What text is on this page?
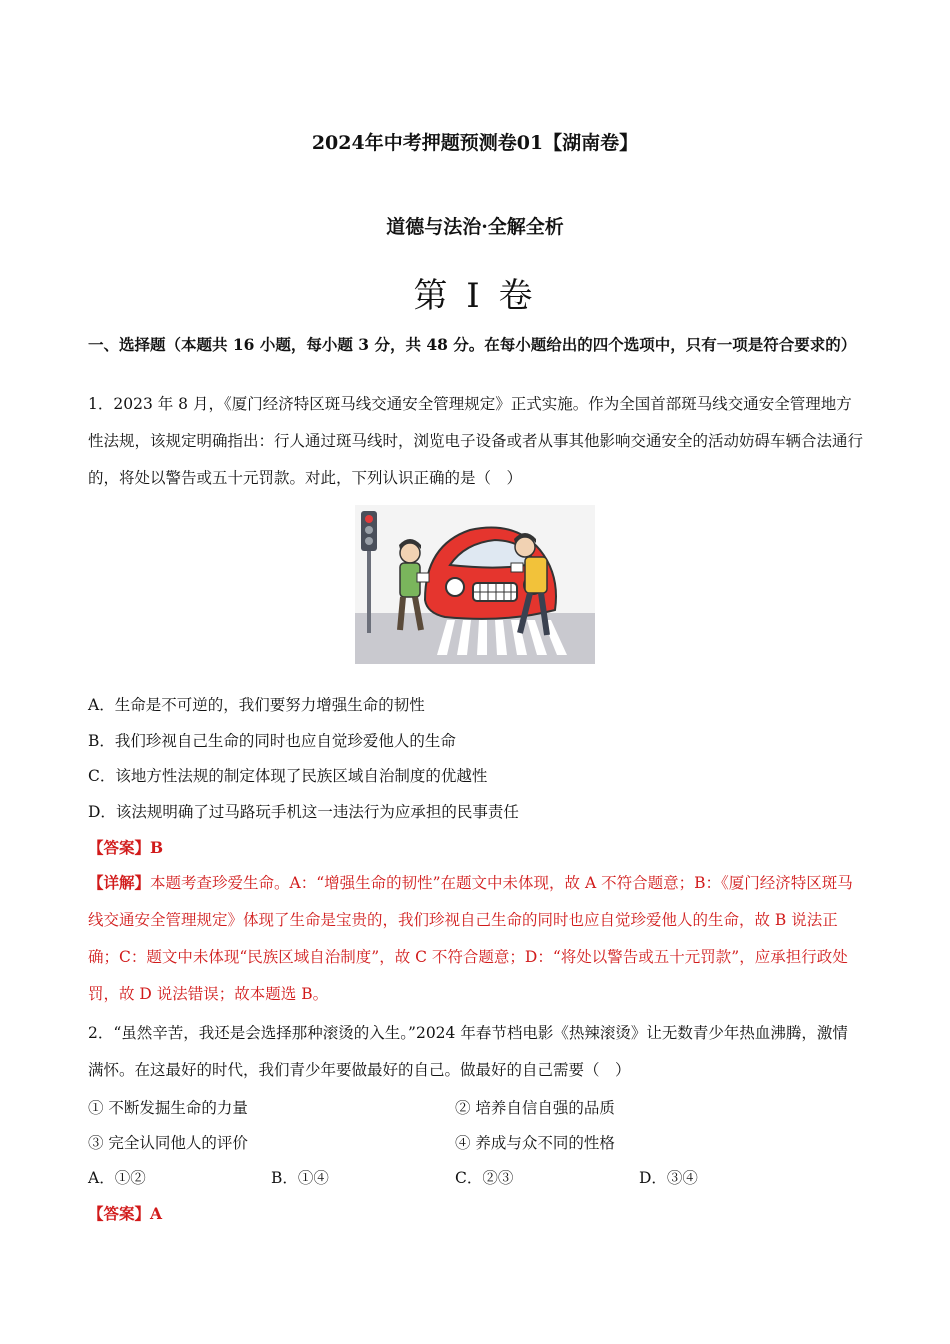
2024年中考押题预测卷01【湖南卷】
道德与法治·全解全析
第 I 卷
一、选择题（本题共 16 小题，每小题 3 分，共 48 分。在每小题给出的四个选项中，只有一项是符合要求的）
1．2023 年 8 月，《厦门经济特区斑马线交通安全管理规定》正式实施。作为全国首部斑马线交通安全管理地方性法规，该规定明确指出：行人通过斑马线时，浏览电子设备或者从事其他影响交通安全的活动妨碍车辆合法通行的，将处以警告或五十元罚款。对此，下列认识正确的是（　）
A．生命是不可逆的，我们要努力增强生命的韧性
B．我们珍视自己生命的同时也应自觉珍爱他人的生命
C．该地方性法规的制定体现了民族区域自治制度的优越性
D．该法规明确了过马路玩手机这一违法行为应承担的民事责任
【答案】B
【详解】本题考查珍爱生命。A：“增强生命的韧性”在题文中未体现，故 A 不符合题意；B：《厦门经济特区斑马线交通安全管理规定》体现了生命是宝贵的，我们珍视自己生命的同时也应自觉珍爱他人的生命，故 B 说法正确；C：题文中未体现“民族区域自治制度”，故 C 不符合题意；D：“将处以警告或五十元罚款”，应承担行政处罚，故 D 说法错误；故本题选 B。
2．“虽然辛苦，我还是会选择那种滚烫的入生。”2024 年春节档电影《热辣滚烫》让无数青少年热血沸腾，激情满怀。在这最好的时代，我们青少年要做最好的自己。做最好的自己需要（　）
① 不断发掘生命的力量	② 培养自信自强的品质
③ 完全认同他人的评价	④ 养成与众不同的性格
A．①②	B．①④	C．②③	D．③④
【答案】A
